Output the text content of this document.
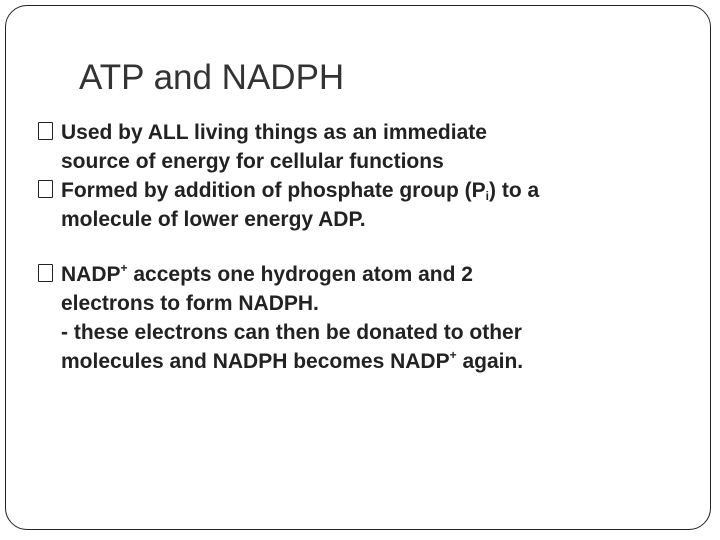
ATP and NADPH
Used by ALL living things as an immediate
source of energy for cellular functions
Formed by addition of phosphate group $(P_i)$ to a
molecule of lower energy ADP.
NADP+ accepts one hydrogen atom and 2
electrons to form NADPH.
- these electrons can then be donated to other
molecules and NADPH becomes NADP+ again.
